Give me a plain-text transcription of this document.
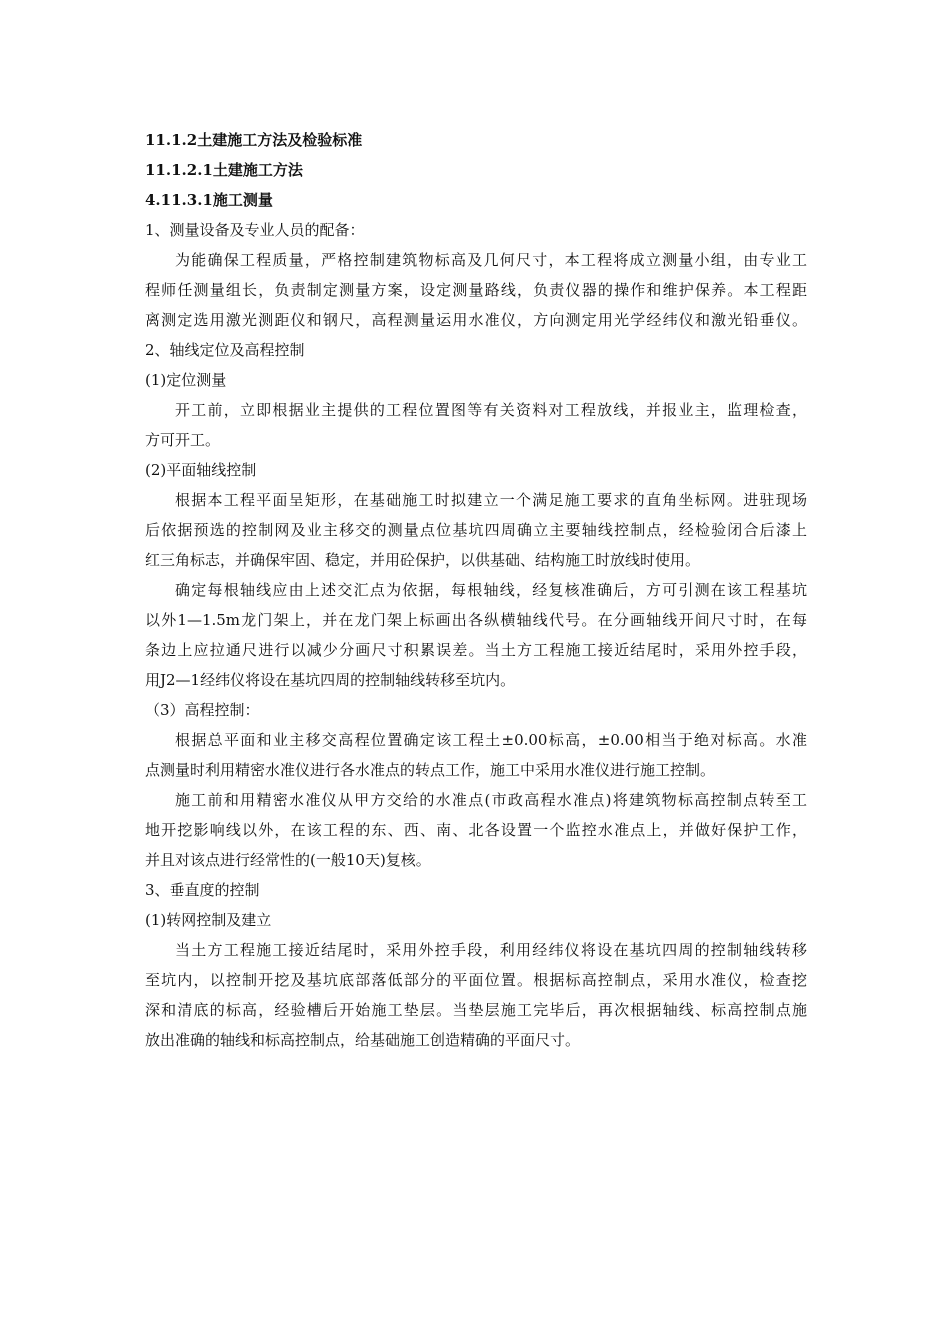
11.1.2土建施工方法及检验标准

11.1.2.1土建施工方法

4.11.3.1施工测量

1、测量设备及专业人员的配备：

为能确保工程质量，严格控制建筑物标高及几何尺寸，本工程将成立测量小组，由专业工

程师任测量组长，负责制定测量方案，设定测量路线，负责仪器的操作和维护保养。本工程距

离测定选用激光测距仪和钢尺，高程测量运用水准仪，方向测定用光学经纬仪和激光铅垂仪。

2、轴线定位及高程控制

(1)定位测量

开工前，立即根据业主提供的工程位置图等有关资料对工程放线，并报业主，监理检查，

方可开工。

(2)平面轴线控制

根据本工程平面呈矩形，在基础施工时拟建立一个满足施工要求的直角坐标网。进驻现场

后依据预选的控制网及业主移交的测量点位基坑四周确立主要轴线控制点，经检验闭合后漆上

红三角标志，并确保牢固、稳定，并用砼保护，以供基础、结构施工时放线时使用。

确定每根轴线应由上述交汇点为依据，每根轴线，经复核准确后，方可引测在该工程基坑

以外1—1.5m龙门架上，并在龙门架上标画出各纵横轴线代号。在分画轴线开间尺寸时，在每

条边上应拉通尺进行以减少分画尺寸积累误差。当土方工程施工接近结尾时，采用外控手段，

用J2—1经纬仪将设在基坑四周的控制轴线转移至坑内。

（3）高程控制：

根据总平面和业主移交高程位置确定该工程土±0.00标高，±0.00相当于绝对标高。水准

点测量时利用精密水准仪进行各水准点的转点工作，施工中采用水准仪进行施工控制。

施工前和用精密水准仪从甲方交给的水准点(市政高程水准点)将建筑物标高控制点转至工

地开挖影响线以外，在该工程的东、西、南、北各设置一个监控水准点上，并做好保护工作，

并且对该点进行经常性的(一般10天)复核。

3、垂直度的控制

(1)转网控制及建立

当土方工程施工接近结尾时，采用外控手段，利用经纬仪将设在基坑四周的控制轴线转移

至坑内，以控制开挖及基坑底部落低部分的平面位置。根据标高控制点，采用水准仪，检查挖

深和清底的标高，经验槽后开始施工垫层。当垫层施工完毕后，再次根据轴线、标高控制点施

放出准确的轴线和标高控制点，给基础施工创造精确的平面尺寸。
